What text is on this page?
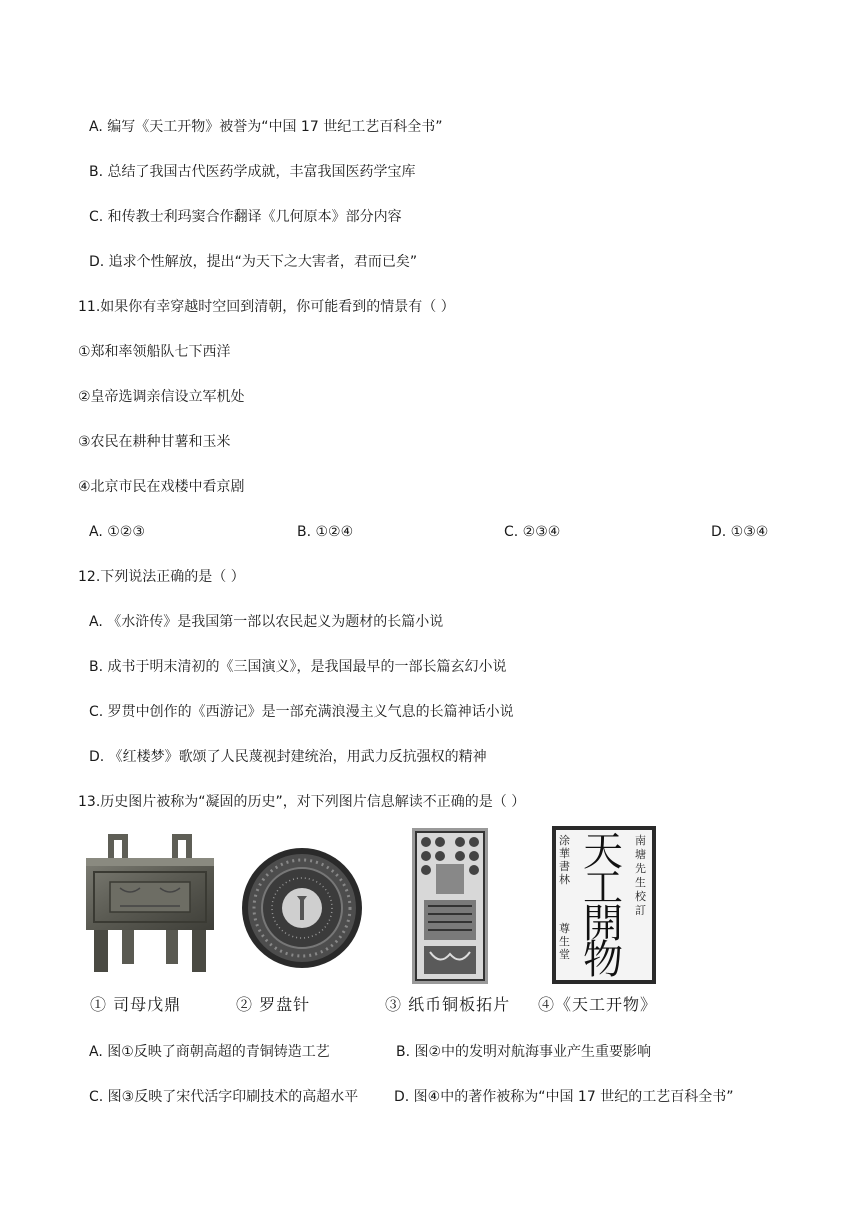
A. 编写《天工开物》被誉为“中国 17 世纪工艺百科全书”
B. 总结了我国古代医药学成就，丰富我国医药学宝库
C. 和传教士利玛窦合作翻译《几何原本》部分内容
D. 追求个性解放，提出“为天下之大害者，君而已矣”
11.如果你有幸穿越时空回到清朝，你可能看到的情景有（ ）
①郑和率领船队七下西洋
②皇帝选调亲信设立军机处
③农民在耕种甘薯和玉米
④北京市民在戏楼中看京剧
A. ①②③	B. ①②④	C. ②③④	D. ①③④
12.下列说法正确的是（ ）
A. 《水浒传》是我国第一部以农民起义为题材的长篇小说
B. 成书于明末清初的《三国演义》，是我国最早的一部长篇玄幻小说
C. 罗贯中创作的《西游记》是一部充满浪漫主义气息的长篇神话小说
D. 《红楼梦》歌颂了人民蔑视封建统治，用武力反抗强权的精神
13.历史图片被称为“凝固的历史”，对下列图片信息解读不正确的是（ ）
涂華書林
尊生堂
天工開物
南塘先生校訂
① 司母戊鼎	② 罗盘针	③ 纸币铜板拓片 ④《天工开物》
A. 图①反映了商朝高超的青铜铸造工艺	B. 图②中的发明对航海事业产生重要影响
C. 图③反映了宋代活字印刷技术的高超水平	D. 图④中的著作被称为“中国 17 世纪的工艺百科全书”
